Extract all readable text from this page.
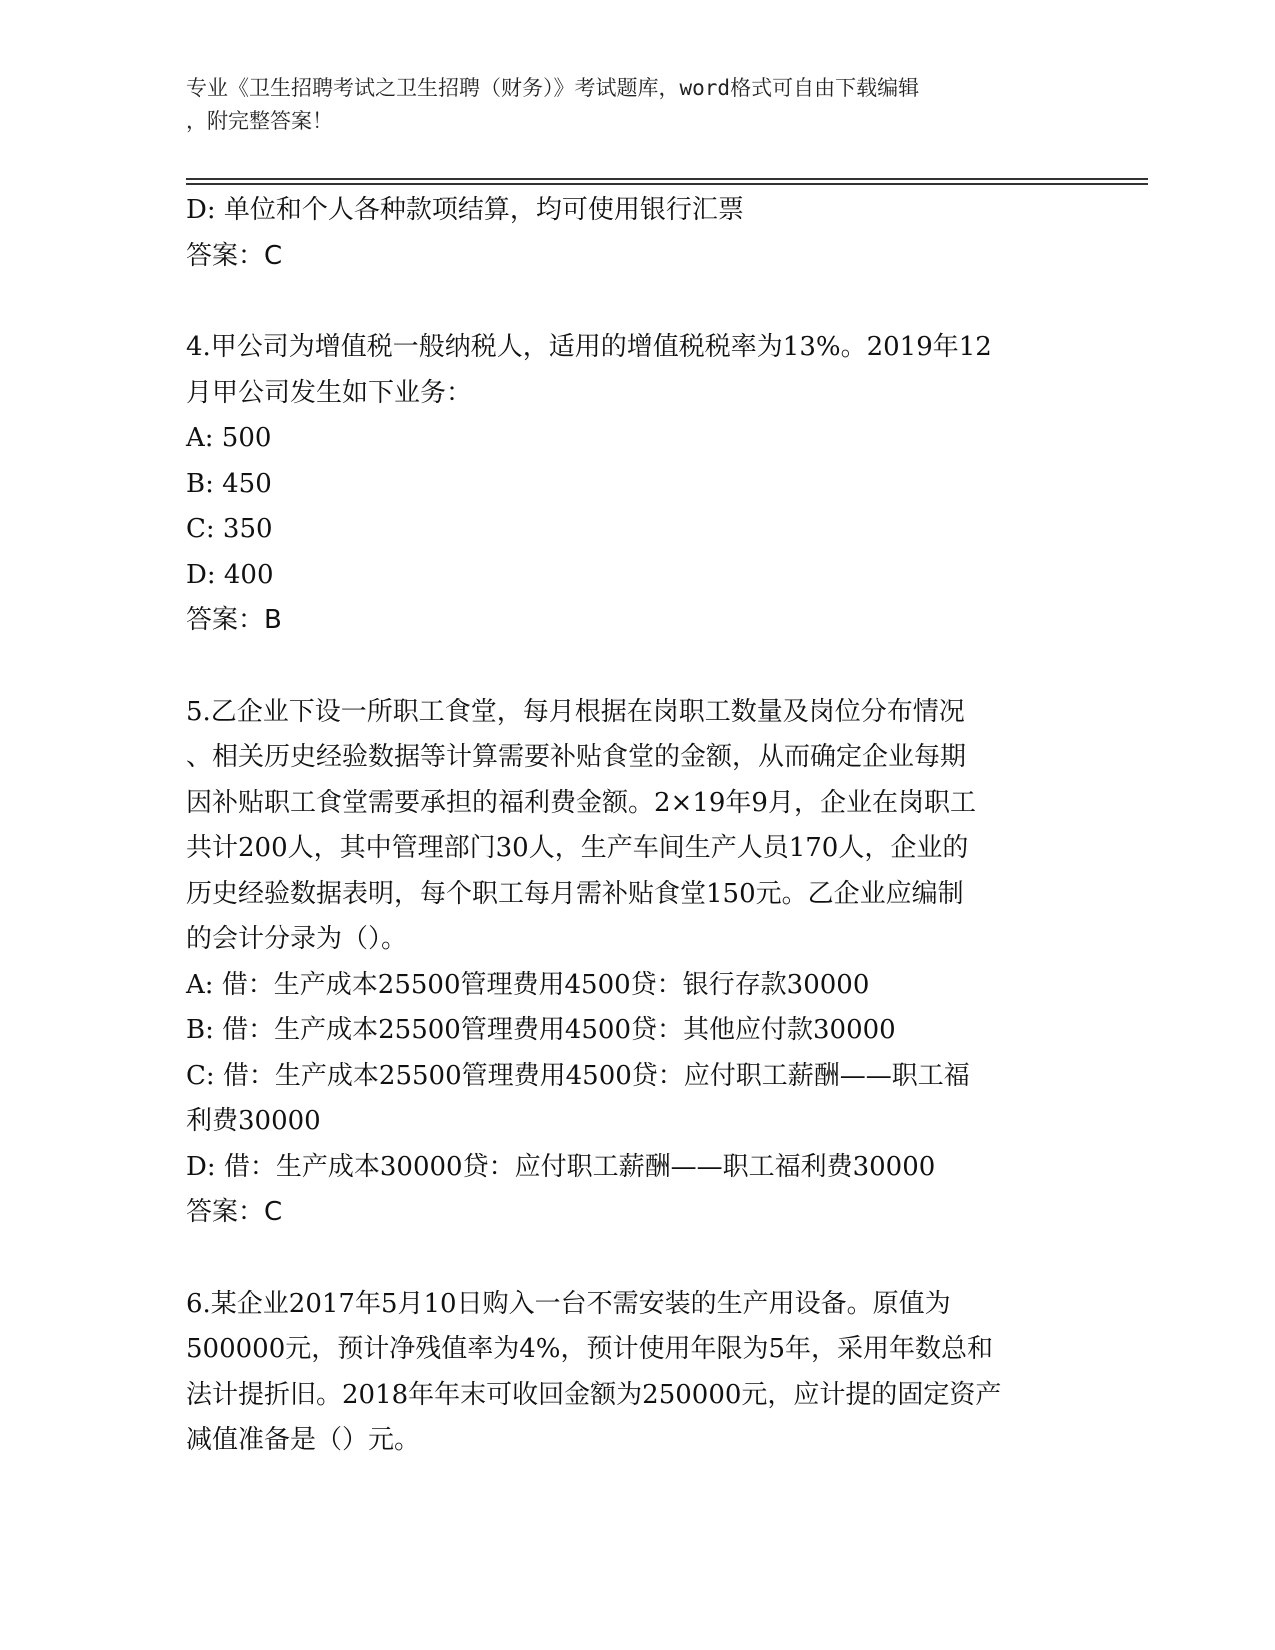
专业《卫生招聘考试之卫生招聘（财务）》考试题库，word格式可自由下载编辑
，附完整答案！

D: 单位和个人各种款项结算，均可使用银行汇票

答案：C

4.甲公司为增值税一般纳税人，适用的增值税税率为13%。2019年12

月甲公司发生如下业务：

A: 500

B: 450

C: 350

D: 400

答案：B

5.乙企业下设一所职工食堂，每月根据在岗职工数量及岗位分布情况

、相关历史经验数据等计算需要补贴食堂的金额，从而确定企业每期

因补贴职工食堂需要承担的福利费金额。2×19年9月，企业在岗职工

共计200人，其中管理部门30人，生产车间生产人员170人，企业的

历史经验数据表明，每个职工每月需补贴食堂150元。乙企业应编制

的会计分录为（）。

A: 借：生产成本25500管理费用4500贷：银行存款30000

B: 借：生产成本25500管理费用4500贷：其他应付款30000

C: 借：生产成本25500管理费用4500贷：应付职工薪酬——职工福

利费30000

D: 借：生产成本30000贷：应付职工薪酬——职工福利费30000

答案：C

6.某企业2017年5月10日购入一台不需安装的生产用设备。原值为

500000元，预计净残值率为4%，预计使用年限为5年，采用年数总和

法计提折旧。2018年年末可收回金额为250000元，应计提的固定资产

减值准备是（）元。
